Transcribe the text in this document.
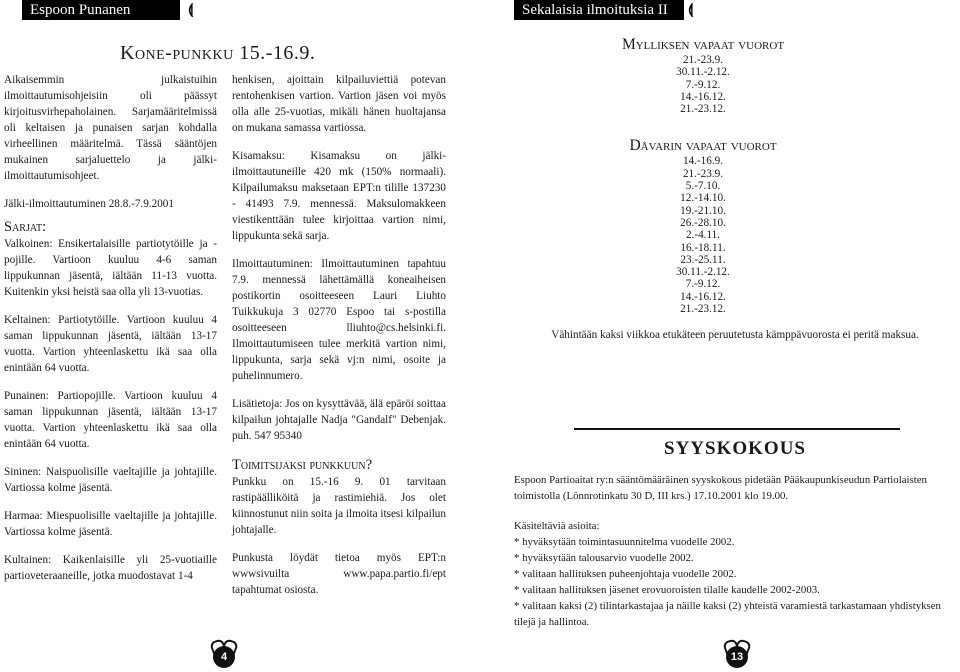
Espoon Punanen	⟬	Sekalaisia ilmoituksia II	⟬
Kone-punkku 15.-16.9.

Aikaisemmin julkaistuihin ilmoittautumisohjeisiin oli päässyt kirjoitusvirhepaholainen. Sarjamääritelmissä oli keltaisen ja punaisen sarjan kohdalla virheellinen määritelmä. Tässä sääntöjen mukainen sarjaluettelo ja jälki-ilmoittautumisohjeet.

Jälki-ilmoittautuminen 28.8.-7.9.2001

Sarjat:

Valkoinen: Ensikertalaisille partiotytöille ja -pojille. Vartioon kuuluu 4-6 saman lippukunnan jäsentä, iältään 11-13 vuotta. Kuitenkin yksi heistä saa olla yli 13-vuotias.

Keltainen: Partiotytöille. Vartioon kuuluu 4 saman lippukunnan jäsentä, iältään 13-17 vuotta. Vartion yhteenlaskettu ikä saa olla enintään 64 vuotta.

Punainen: Partiopojille. Vartioon kuuluu 4 saman lippukunnan jäsentä, iältään 13-17 vuotta. Vartion yhteenlaskettu ikä saa olla enintään 64 vuotta.

Sininen: Naispuolisille vaeltajille ja johtajille. Vartiossa kolme jäsentä.

Harmaa: Miespuolisille vaeltajille ja johtajille. Vartiossa kolme jäsentä.

Kultainen: Kaikenlaisille yli 25-vuotiaille partioveteraaneille, jotka muodostavat 1-4

henkisen, ajoittain kilpailuviettiä potevan rentohenkisen vartion. Vartion jäsen voi myös olla alle 25-vuotias, mikäli hänen huoltajansa on mukana samassa vartiossa.

Kisamaksu: Kisamaksu on jälki-ilmoittautuneille 420 mk (150% normaali). Kilpailumaksu maksetaan EPT:n tilille 137230 - 41493 7.9. mennessä. Maksulomakkeen viestikenttään tulee kirjoittaa vartion nimi, lippukunta sekä sarja.

Ilmoittautuminen: Ilmoittautuminen tapahtuu 7.9. mennessä lähettämällä koneaiheisen postikortin osoitteeseen Lauri Liuhto Tuikkukuja 3 02770 Espoo tai s-postilla osoitteeseen lliuhto@cs.helsinki.fi. Ilmoittautumiseen tulee merkitä vartion nimi, lippukunta, sarja sekä vj:n nimi, osoite ja puhelinnumero.

Lisätietoja: Jos on kysyttävää, älä epäröi soittaa kilpailun johtajalle Nadja "Gandalf" Debenjak. puh. 547 95340

Toimitsijaksi punkkuun?

Punkku on 15.-16 9. 01 tarvitaan rastipäälliköitä ja rastimiehiä. Jos olet kiinnostunut niin soita ja ilmoita itsesi kilpailun johtajalle.

Punkusta löydät tietoa myös EPT:n wwwsivuilta www.papa.partio.fi/ept tapahtumat osiosta.

Mylliksen vapaat vuorot
21.-23.9.
30.11.-2.12.
7.-9.12.
14.-16.12.
21.-23.12.
Dåvarin vapaat vuorot
14.-16.9.
21.-23.9.
5.-7.10.
12.-14.10.
19.-21.10.
26.-28.10.
2.-4.11.
16.-18.11.
23.-25.11.
30.11.-2.12.
7.-9.12.
14.-16.12.
21.-23.12.
Vähintään kaksi viikkoa etukäteen peruutetusta kämppävuorosta ei peritä maksua.
SYYSKOKOUS
Espoon Partioaitat ry:n sääntömääräinen syyskokous pidetään Pääkaupunkiseudun Partiolaisten toimistolla (Lönnrotinkatu 30 D, III krs.) 17.10.2001 klo 19.00.
Käsiteltäviä asioita:
* hyväksytään toimintasuunnitelma vuodelle 2002.
* hyväksytään talousarvio vuodelle 2002.
* valitaan hallituksen puheenjohtaja vuodelle 2002.
* valitaan hallituksen jäsenet erovuoroisten tilalle kaudelle 2002-2003.
* valitaan kaksi (2) tilintarkastajaa ja näille kaksi (2) yhteistä varamiestä tarkastamaan yhdistyksen tilejä ja hallintoa.
4	13
